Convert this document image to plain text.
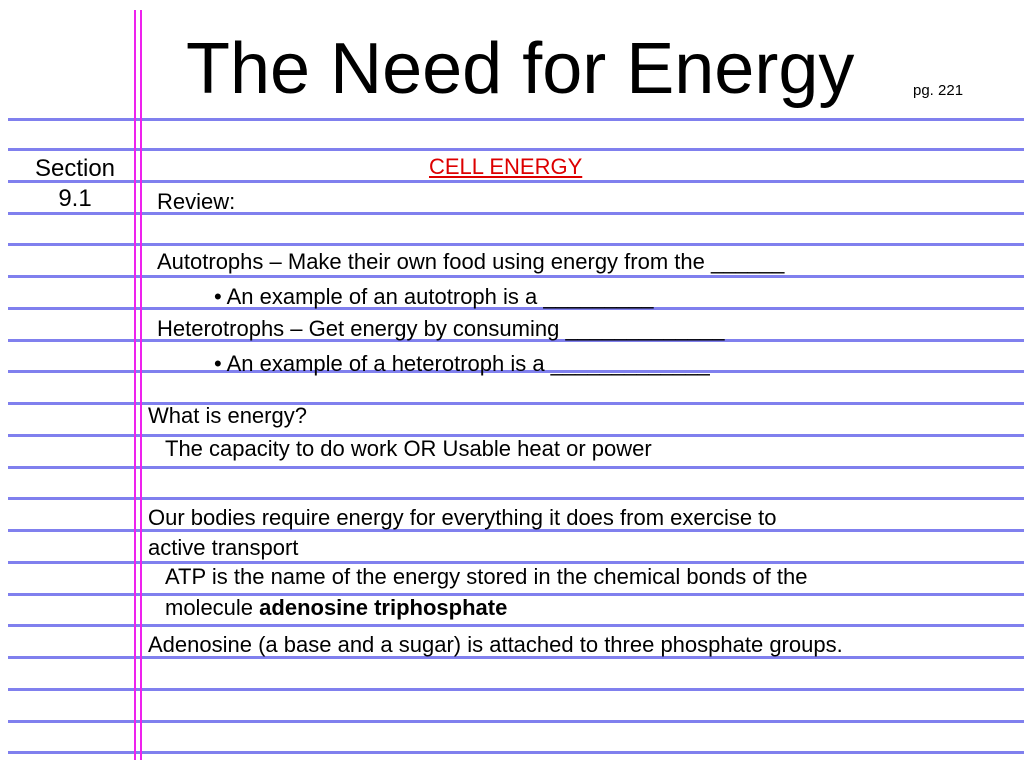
The Need for Energy	pg. 221
Section
9.1
CELL ENERGY
Review:
Autotrophs – Make their own food using energy from the ______
• An example of an autotroph is a _________
Heterotrophs – Get energy by consuming _____________
• An example of a heterotroph is a _____________
What is energy?
The capacity to do work OR Usable heat or power
Our bodies require energy for everything it does from exercise to
active transport
ATP is the name of the energy stored in the chemical bonds of the
molecule adenosine triphosphate
Adenosine (a base and a sugar) is attached to three phosphate groups.
